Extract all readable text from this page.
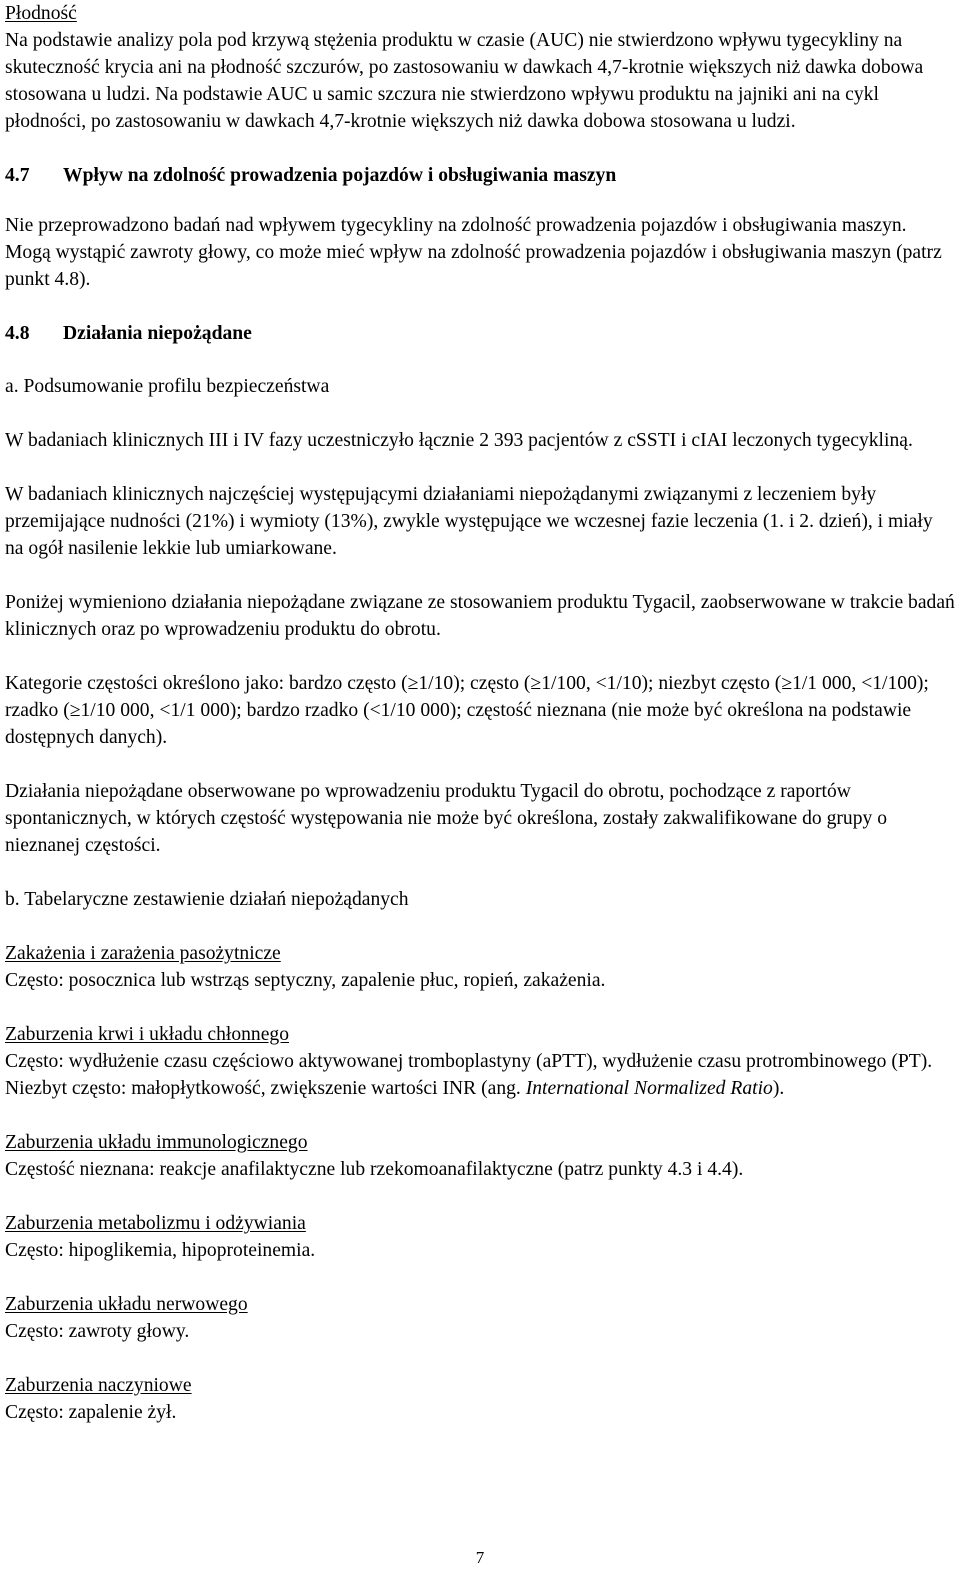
Płodność

Na podstawie analizy pola pod krzywą stężenia produktu w czasie (AUC) nie stwierdzono wpływu tygecykliny na skuteczność krycia ani na płodność szczurów, po zastosowaniu w dawkach 4,7-krotnie większych niż dawka dobowa stosowana u ludzi. Na podstawie AUC u samic szczura nie stwierdzono wpływu produktu na jajniki ani na cykl płodności, po zastosowaniu w dawkach 4,7-krotnie większych niż dawka dobowa stosowana u ludzi.

4.7	Wpływ na zdolność prowadzenia pojazdów i obsługiwania maszyn

Nie przeprowadzono badań nad wpływem tygecykliny na zdolność prowadzenia pojazdów i obsługiwania maszyn. Mogą wystąpić zawroty głowy, co może mieć wpływ na zdolność prowadzenia pojazdów i obsługiwania maszyn (patrz punkt 4.8).

4.8	Działania niepożądane

a. Podsumowanie profilu bezpieczeństwa

W badaniach klinicznych III i IV fazy uczestniczyło łącznie 2 393 pacjentów z cSSTI i cIAI leczonych tygecykliną.

W badaniach klinicznych najczęściej występującymi działaniami niepożądanymi związanymi z leczeniem były przemijające nudności (21%) i wymioty (13%), zwykle występujące we wczesnej fazie leczenia (1. i 2. dzień), i miały na ogół nasilenie lekkie lub umiarkowane.

Poniżej wymieniono działania niepożądane związane ze stosowaniem produktu Tygacil, zaobserwowane w trakcie badań klinicznych oraz po wprowadzeniu produktu do obrotu.

Kategorie częstości określono jako: bardzo często (≥1/10); często (≥1/100, <1/10); niezbyt często (≥1/1 000, <1/100); rzadko (≥1/10 000, <1/1 000); bardzo rzadko (<1/10 000); częstość nieznana (nie może być określona na podstawie dostępnych danych).

Działania niepożądane obserwowane po wprowadzeniu produktu Tygacil do obrotu, pochodzące z raportów spontanicznych, w których częstość występowania nie może być określona, zostały zakwalifikowane do grupy o nieznanej częstości.

b. Tabelaryczne zestawienie działań niepożądanych

Zakażenia i zarażenia pasożytnicze

Często: posocznica lub wstrząs septyczny, zapalenie płuc, ropień, zakażenia.

Zaburzenia krwi i układu chłonnego

Często: wydłużenie czasu częściowo aktywowanej tromboplastyny (aPTT), wydłużenie czasu protrombinowego (PT).

Niezbyt często: małopłytkowość, zwiększenie wartości INR (ang. International Normalized Ratio).

Zaburzenia układu immunologicznego

Częstość nieznana: reakcje anafilaktyczne lub rzekomoanafilaktyczne (patrz punkty 4.3 i 4.4).

Zaburzenia metabolizmu i odżywiania

Często: hipoglikemia, hipoproteinemia.

Zaburzenia układu nerwowego

Często: zawroty głowy.

Zaburzenia naczyniowe

Często: zapalenie żył.

7
